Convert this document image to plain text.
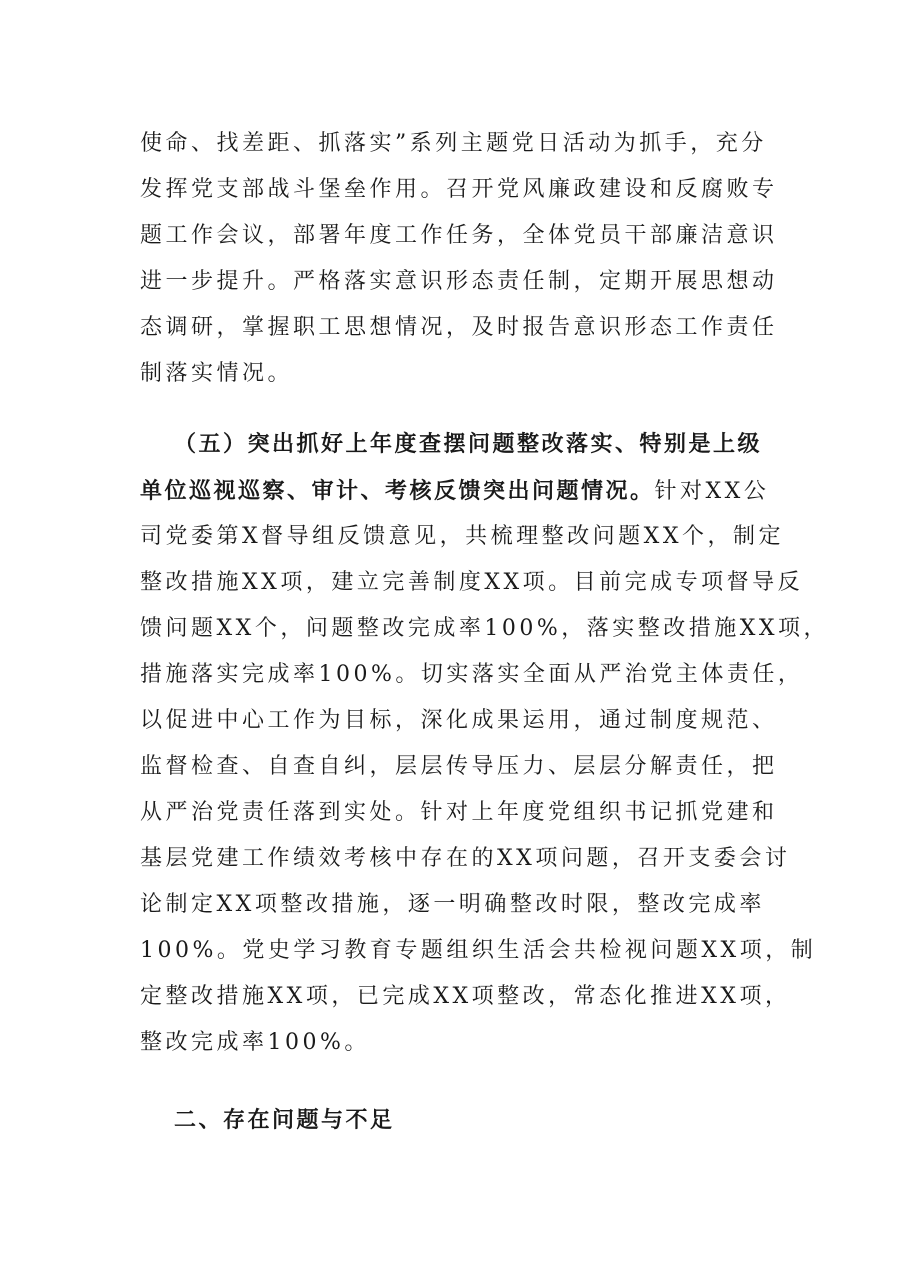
使命、找差距、抓落实”系列主题党日活动为抓手，充分
发挥党支部战斗堡垒作用。召开党风廉政建设和反腐败专
题工作会议，部署年度工作任务，全体党员干部廉洁意识
进一步提升。严格落实意识形态责任制，定期开展思想动
态调研，掌握职工思想情况，及时报告意识形态工作责任
制落实情况。
（五）突出抓好上年度查摆问题整改落实、特别是上级
单位巡视巡察、审计、考核反馈突出问题情况。针对XX公
司党委第X督导组反馈意见，共梳理整改问题XX个，制定
整改措施XX项，建立完善制度XX项。目前完成专项督导反
馈问题XX个，问题整改完成率100%，落实整改措施XX项，
措施落实完成率100%。切实落实全面从严治党主体责任，
以促进中心工作为目标，深化成果运用，通过制度规范、
监督检查、自查自纠，层层传导压力、层层分解责任，把
从严治党责任落到实处。针对上年度党组织书记抓党建和
基层党建工作绩效考核中存在的XX项问题，召开支委会讨
论制定XX项整改措施，逐一明确整改时限，整改完成率
100%。党史学习教育专题组织生活会共检视问题XX项，制
定整改措施XX项，已完成XX项整改，常态化推进XX项，
整改完成率100%。
二、存在问题与不足
